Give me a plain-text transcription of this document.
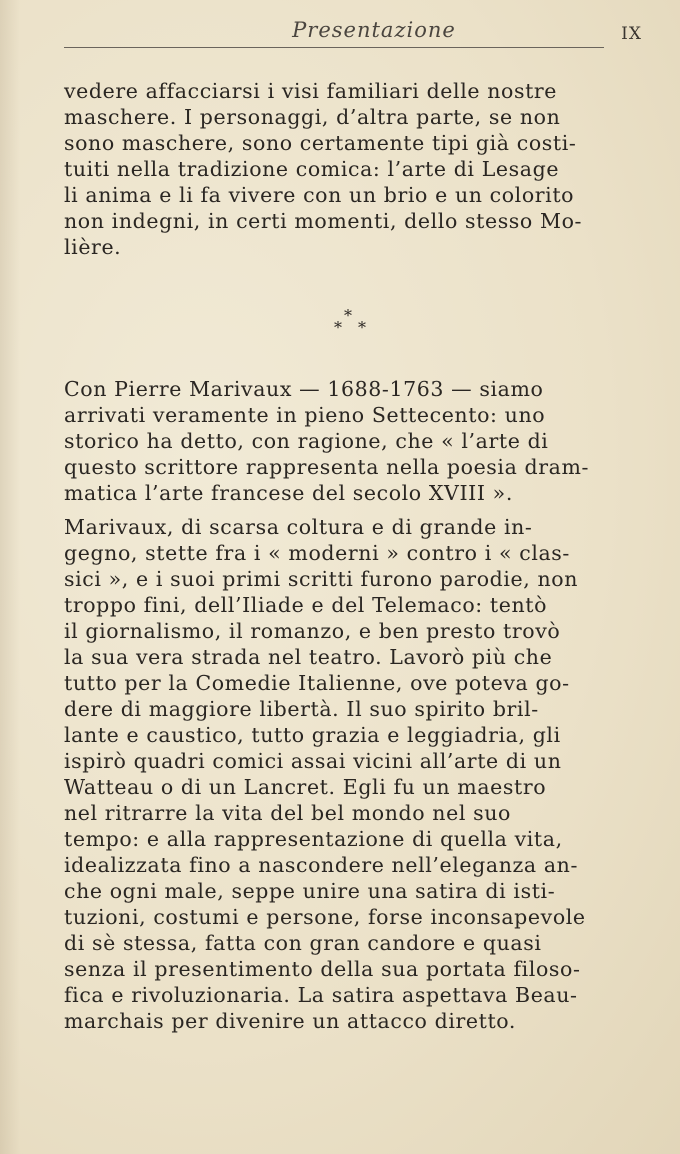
Presentazione	IX

vedere affacciarsi i visi familiari delle nostre
maschere. I personaggi, d’altra parte, se non
sono maschere, sono certamente tipi già costi-
tuiti nella tradizione comica: l’arte di Lesage
li anima e li fa vivere con un brio e un colorito
non indegni, in certi momenti, dello stesso Mo-
lière.

*
* *

Con Pierre Marivaux — 1688-1763 — siamo
arrivati veramente in pieno Settecento: uno
storico ha detto, con ragione, che « l’arte di
questo scrittore rappresenta nella poesia dram-
matica l’arte francese del secolo XVIII ».

Marivaux, di scarsa coltura e di grande in-
gegno, stette fra i « moderni » contro i « clas-
sici », e i suoi primi scritti furono parodie, non
troppo fini, dell’Iliade e del Telemaco: tentò
il giornalismo, il romanzo, e ben presto trovò
la sua vera strada nel teatro. Lavorò più che
tutto per la Comedie Italienne, ove poteva go-
dere di maggiore libertà. Il suo spirito bril-
lante e caustico, tutto grazia e leggiadria, gli
ispirò quadri comici assai vicini all’arte di un
Watteau o di un Lancret. Egli fu un maestro
nel ritrarre la vita del bel mondo nel suo
tempo: e alla rappresentazione di quella vita,
idealizzata fino a nascondere nell’eleganza an-
che ogni male, seppe unire una satira di isti-
tuzioni, costumi e persone, forse inconsapevole
di sè stessa, fatta con gran candore e quasi
senza il presentimento della sua portata filoso-
fica e rivoluzionaria. La satira aspettava Beau-
marchais per divenire un attacco diretto.
